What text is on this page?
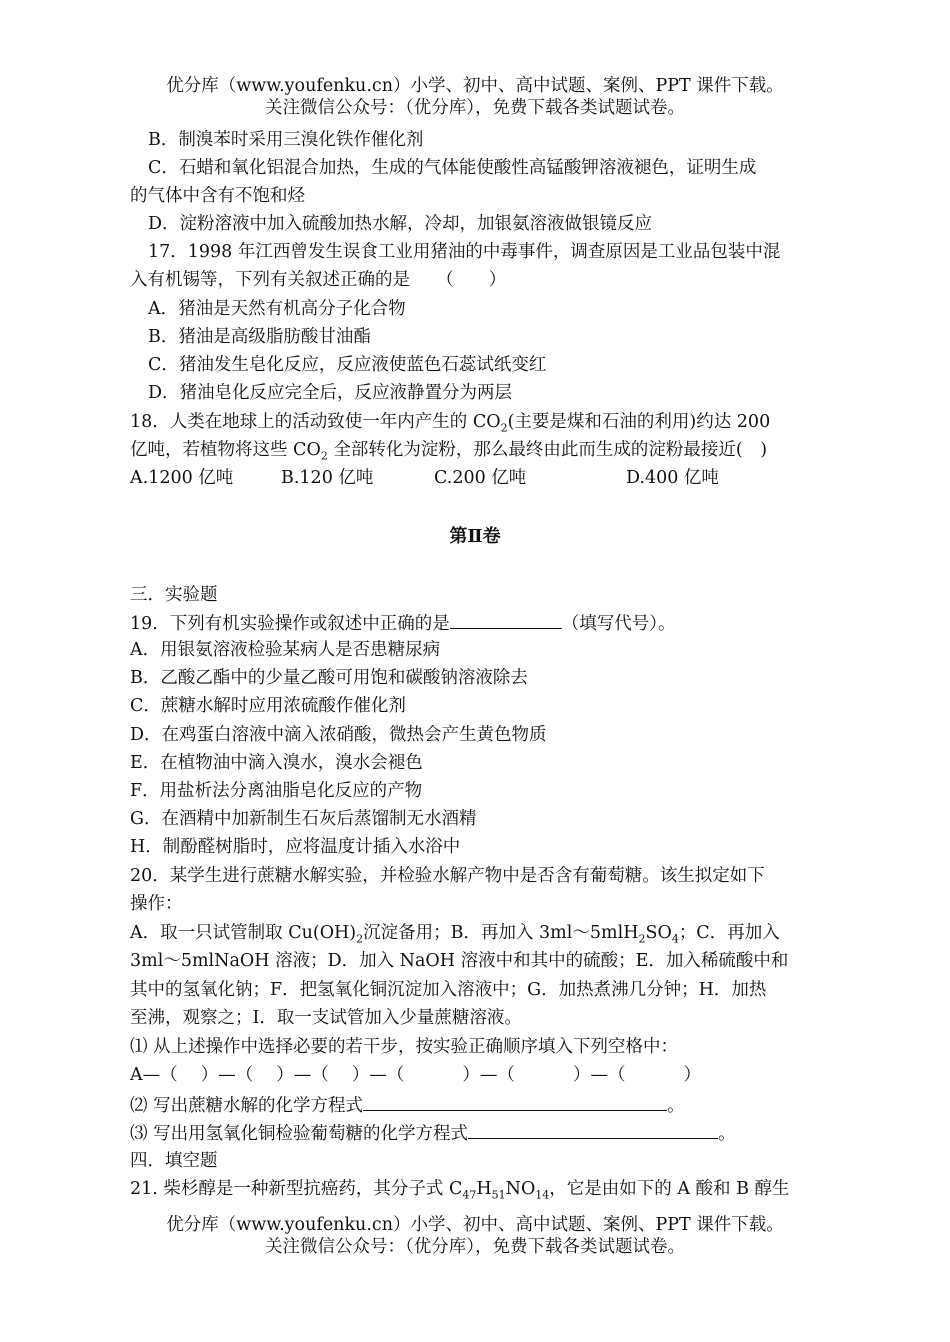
优分库（www.youfenku.cn）小学、初中、高中试题、案例、PPT 课件下载。
关注微信公众号：（优分库），免费下载各类试题试卷。
B．制溴苯时采用三溴化铁作催化剂
C．石蜡和氧化铝混合加热，生成的气体能使酸性高锰酸钾溶液褪色，证明生成
的气体中含有不饱和烃
D．淀粉溶液中加入硫酸加热水解，冷却，加银氨溶液做银镜反应
17．1998 年江西曾发生误食工业用猪油的中毒事件，调查原因是工业品包装中混
入有机锡等，下列有关叙述正确的是　　（　　）
A．猪油是天然有机高分子化合物
B．猪油是高级脂肪酸甘油酯
C．猪油发生皂化反应，反应液使蓝色石蕊试纸变红
D．猪油皂化反应完全后，反应液静置分为两层
18．人类在地球上的活动致使一年内产生的 $CO_2$(主要是煤和石油的利用)约达 200
亿吨，若植物将这些 $CO_2$ 全部转化为淀粉，那么最终由此而生成的淀粉最接近(　)
A.1200 亿吨	B.120 亿吨	C.200 亿吨	D.400 亿吨
第Ⅱ卷
三．实验题
19．下列有机实验操作或叙述中正确的是	（填写代号）。
A．用银氨溶液检验某病人是否患糖尿病
B．乙酸乙酯中的少量乙酸可用饱和碳酸钠溶液除去
C．蔗糖水解时应用浓硫酸作催化剂
D．在鸡蛋白溶液中滴入浓硝酸，微热会产生黄色物质
E．在植物油中滴入溴水，溴水会褪色
F．用盐析法分离油脂皂化反应的产物
G．在酒精中加新制生石灰后蒸馏制无水酒精
H．制酚醛树脂时，应将温度计插入水浴中
20．某学生进行蔗糖水解实验，并检验水解产物中是否含有葡萄糖。该生拟定如下
操作：
A．取一只试管制取 $Cu(OH)_2$沉淀备用；B．再加入 $3ml\sim 5mlH_2SO_4$；C．再加入
3ml～5mlNaOH 溶液；D．加入 NaOH 溶液中和其中的硫酸；E．加入稀硫酸中和
其中的氢氧化钠；F．把氢氧化铜沉淀加入溶液中；G．加热煮沸几分钟；H．加热
至沸，观察之；I．取一支试管加入少量蔗糖溶液。
⑴ 从上述操作中选择必要的若干步，按实验正确顺序填入下列空格中：
A—（　 ）—（　 ）—（　 ）—（　　　 ）—（　　　 ）—（　　　 ）
⑵ 写出蔗糖水解的化学方程式	。
⑶ 写出用氢氧化铜检验葡萄糖的化学方程式	。
四．填空题
21. 柴杉醇是一种新型抗癌药，其分子式 $C_{47}H_{51}NO_{14}$，它是由如下的 A 酸和 B 醇生
优分库（www.youfenku.cn）小学、初中、高中试题、案例、PPT 课件下载。
关注微信公众号：（优分库），免费下载各类试题试卷。
